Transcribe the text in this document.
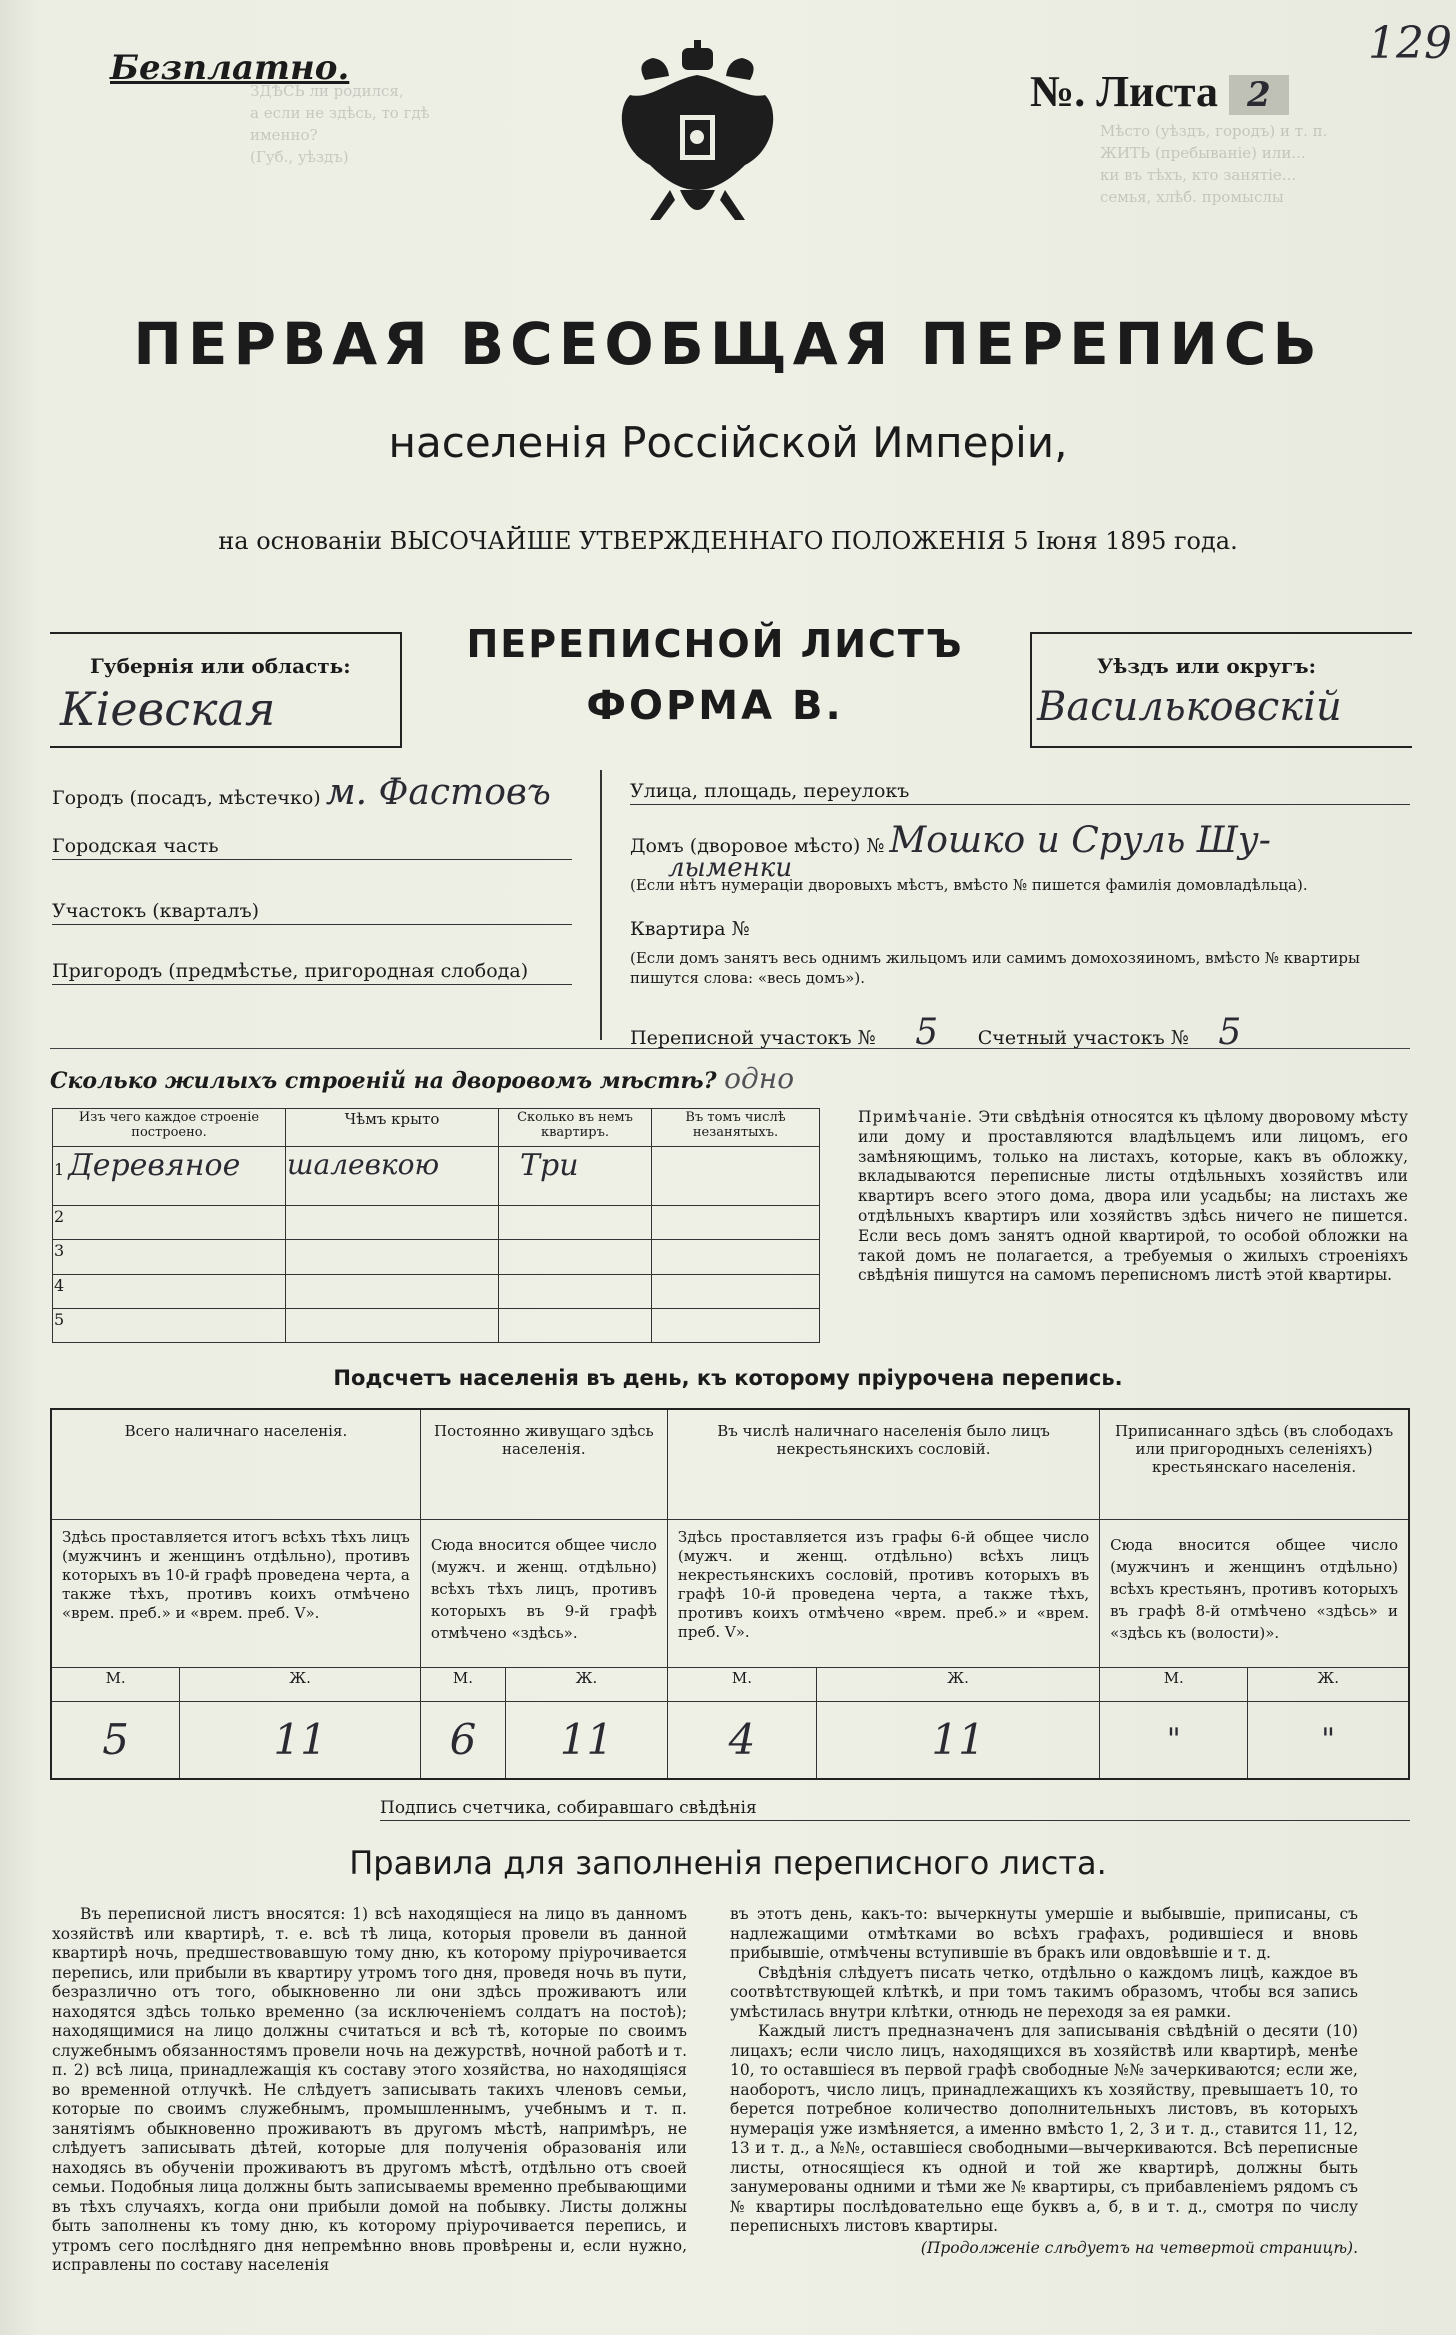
ЗДѢСЬ ли родился,
а если не здѣсь, то гдѣ
именно?
(Губ., уѣздъ)
Мѣсто (уѣздъ, городъ) и т. п.
ЖИТЬ (пребываніе) или...
ки въ тѣхъ, кто занятіе...
семья, хлѣб. промыслы
Безплатно.	№. Листа 2
129
ПЕРВАЯ ВСЕОБЩАЯ ПЕРЕПИСЬ
населенія Россійской Имперіи,
на основаніи ВЫСОЧАЙШЕ УТВЕРЖДЕННАГО ПОЛОЖЕНІЯ 5 Іюня 1895 года.
Губернія или область:
Кіевская
ПЕРЕПИСНОЙ ЛИСТЪ
ФОРМА В.
Уѣздъ или округъ:
Васильковскій
Городъ (посадъ, мѣстечко) м. Фастовъ
Городская часть
Участокъ (кварталъ)
Пригородъ (предмѣстье, пригородная слобода)
Улица, площадь, переулокъ
Домъ (дворовое мѣсто) № Мошко и Сруль Шу-
лыменки
(Если нѣтъ нумераціи дворовыхъ мѣстъ, вмѣсто № пишется фамилія домовладѣльца).
Квартира №
(Если домъ занятъ весь однимъ жильцомъ или самимъ домохозяиномъ, вмѣсто № квартиры пишутся слова: «весь домъ»).
Переписной участокъ № 5 Счетный участокъ № 5
Сколько жилыхъ строеній на дворовомъ мѣстѣ? одно
Изъ чего каждое строеніе построено.	Чѣмъ крыто	Сколько въ немъ квартиръ.	Въ томъ числѣ незанятыхъ.
1 Деревяное	шалевкою	Три	
2			
3			
4			
5			
Примѣчаніе. Эти свѣдѣнія относятся къ цѣлому дворовому мѣсту или дому и проставляются владѣльцемъ или лицомъ, его замѣняющимъ, только на листахъ, которые, какъ въ обложку, вкладываются переписные листы отдѣльныхъ хозяйствъ или квартиръ всего этого дома, двора или усадьбы; на листахъ же отдѣльныхъ квартиръ или хозяйствъ здѣсь ничего не пишется. Если весь домъ занятъ одной квартирой, то особой обложки на такой домъ не полагается, а требуемыя о жилыхъ строеніяхъ свѣдѣнія пишутся на самомъ переписномъ листѣ этой квартиры.
Подсчетъ населенія въ день, къ которому пріурочена перепись.
Всего наличнаго населенія.		Постоянно живущаго здѣсь населенія.		Въ числѣ наличнаго населенія было лицъ некрестьянскихъ сословій.		Приписаннаго здѣсь (въ слободахъ или пригородныхъ селеніяхъ) крестьянскаго населенія.	
Здѣсь проставляется итогъ всѣхъ тѣхъ лицъ (мужчинъ и женщинъ отдѣльно), противъ которыхъ въ 10-й графѣ проведена черта, а также тѣхъ, противъ коихъ отмѣчено «врем. преб.» и «врем. преб. V».		Сюда вносится общее число (мужч. и женщ. отдѣльно) всѣхъ тѣхъ лицъ, противъ которыхъ въ 9-й графѣ отмѣчено «здѣсь».		Здѣсь проставляется изъ графы 6-й общее число (мужч. и женщ. отдѣльно) всѣхъ лицъ некрестьянскихъ сословій, противъ которыхъ въ графѣ 10-й проведена черта, а также тѣхъ, противъ коихъ отмѣчено «врем. преб.» и «врем. преб. V».		Сюда вносится общее число (мужчинъ и женщинъ отдѣльно) всѣхъ крестьянъ, противъ которыхъ въ графѣ 8-й отмѣчено «здѣсь» и «здѣсь къ (волости)».	
М.	Ж.	М.	Ж.	М.	Ж.	М.	Ж.
5	11	6	11	4	11	"	"
Подпись счетчика, собиравшаго свѣдѣнія
Правила для заполненія переписного листа.

Въ переписной листъ вносятся: 1) всѣ находящіеся на лицо въ данномъ хозяйствѣ или квартирѣ, т. е. всѣ тѣ лица, которыя провели въ данной квартирѣ ночь, предшествовавшую тому дню, къ которому пріурочивается перепись, или прибыли въ квартиру утромъ того дня, проведя ночь въ пути, безразлично отъ того, обыкновенно ли они здѣсь проживаютъ или находятся здѣсь только временно (за исключеніемъ солдатъ на постоѣ); находящимися на лицо должны считаться и всѣ тѣ, которые по своимъ служебнымъ обязанностямъ провели ночь на дежурствѣ, ночной работѣ и т. п. 2) всѣ лица, принадлежащія къ составу этого хозяйства, но находящіяся во временной отлучкѣ. Не слѣдуетъ записывать такихъ членовъ семьи, которые по своимъ служебнымъ, промышленнымъ, учебнымъ и т. п. занятіямъ обыкновенно проживаютъ въ другомъ мѣстѣ, напримѣръ, не слѣдуетъ записывать дѣтей, которые для полученія образованія или находясь въ обученіи проживаютъ въ другомъ мѣстѣ, отдѣльно отъ своей семьи. Подобныя лица должны быть записываемы временно пребывающими въ тѣхъ случаяхъ, когда они прибыли домой на побывку. Листы должны быть заполнены къ тому дню, къ которому пріурочивается перепись, и утромъ сего послѣдняго дня непремѣнно вновь провѣрены и, если нужно, исправлены по составу населенія

въ этотъ день, какъ-то: вычеркнуты умершіе и выбывшіе, приписаны, съ надлежащими отмѣтками во всѣхъ графахъ, родившіеся и вновь прибывшіе, отмѣчены вступившіе въ бракъ или овдовѣвшіе и т. д.

Свѣдѣнія слѣдуетъ писать четко, отдѣльно о каждомъ лицѣ, каждое въ соотвѣтствующей клѣткѣ, и при томъ такимъ образомъ, чтобы вся запись умѣстилась внутри клѣтки, отнюдь не переходя за ея рамки.

Каждый листъ предназначенъ для записыванія свѣдѣній о десяти (10) лицахъ; если число лицъ, находящихся въ хозяйствѣ или квартирѣ, менѣе 10, то оставшіеся въ первой графѣ свободные №№ зачеркиваются; если же, наоборотъ, число лицъ, принадлежащихъ къ хозяйству, превышаетъ 10, то берется потребное количество дополнительныхъ листовъ, въ которыхъ нумерація уже измѣняется, а именно вмѣсто 1, 2, 3 и т. д., ставится 11, 12, 13 и т. д., а №№, оставшіеся свободными—вычеркиваются. Всѣ переписные листы, относящіеся къ одной и той же квартирѣ, должны быть занумерованы одними и тѣми же № квартиры, съ прибавленіемъ рядомъ съ № квартиры послѣдовательно еще буквъ а, б, в и т. д., смотря по числу переписныхъ листовъ квартиры.

(Продолженіе слѣдуетъ на четвертой страницѣ).
